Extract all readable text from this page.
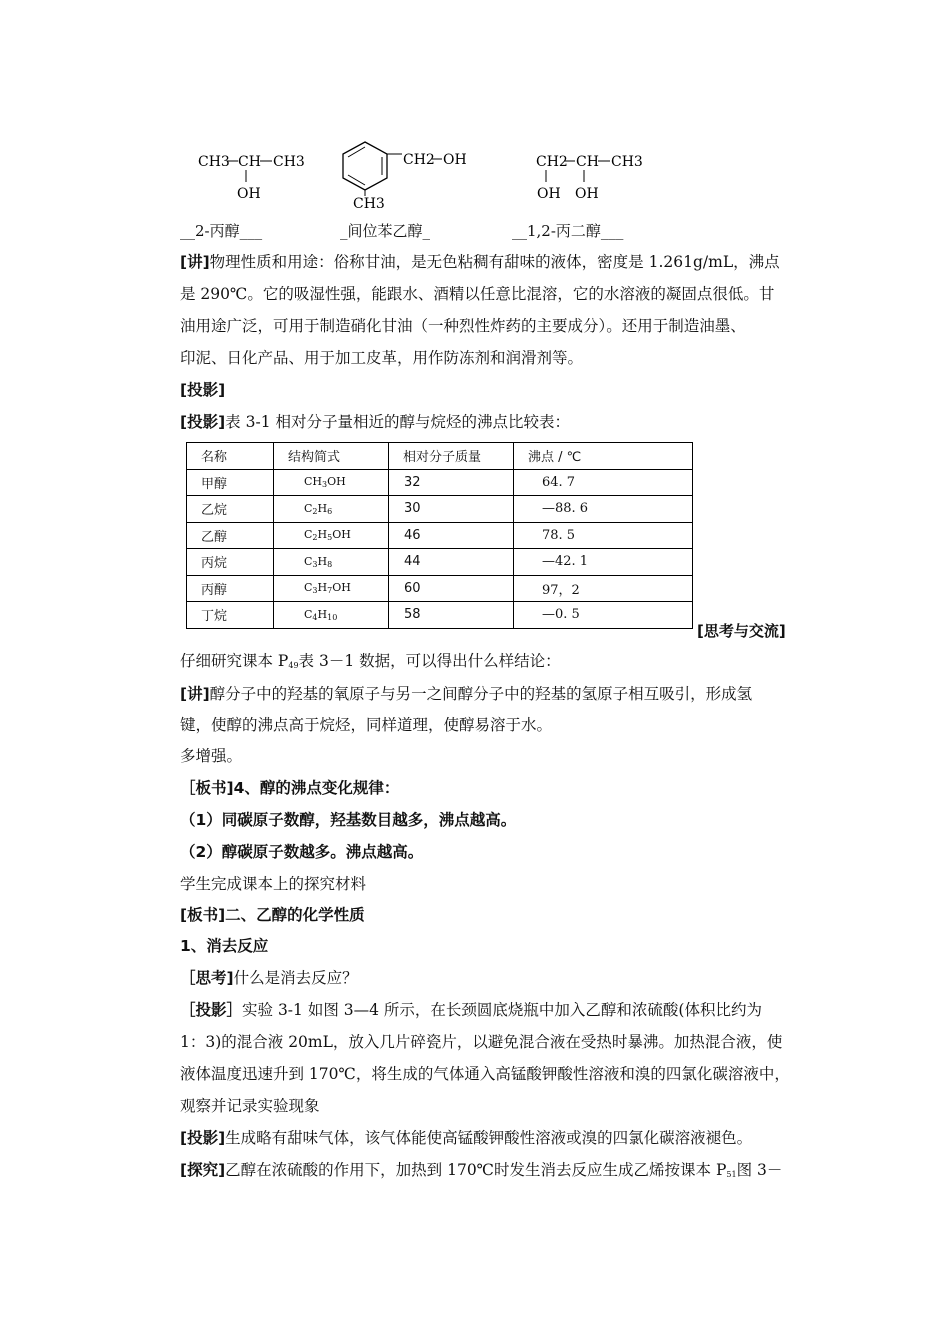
CH3 CH CH3
OH
CH2 OH
CH3
CH2 CH CH3
OH OH
__2-丙醇___	_间位苯乙醇_	__1,2-丙二醇___
[讲]物理性质和用途：俗称甘油，是无色粘稠有甜味的液体，密度是 1.261g/mL，沸点
是 290℃。它的吸湿性强，能跟水、酒精以任意比混溶，它的水溶液的凝固点很低。甘
油用途广泛，可用于制造硝化甘油（一种烈性炸药的主要成分）。还用于制造油墨、
印泥、日化产品、用于加工皮革，用作防冻剂和润滑剂等。
[投影]
[投影]表 3-1 相对分子量相近的醇与烷烃的沸点比较表：
名称	结构简式	相对分子质量	沸点 / ℃
甲醇	$CH_3OH$	32	64. 7
乙烷	$C_2H_6$	30	—88. 6
乙醇	$C_2H_5OH$	46	78. 5
丙烷	$C_3H_8$	44	—42. 1
丙醇	$C_3H_7OH$	60	97，2
丁烷	$C_4H_{10}$	58	—0. 5
[思考与交流]
仔细研究课本 $P_{49}$表 3－1 数据，可以得出什么样结论：
[讲]醇分子中的羟基的氧原子与另一之间醇分子中的羟基的氢原子相互吸引，形成氢
键，使醇的沸点高于烷烃，同样道理，使醇易溶于水。
多增强。
［板书]4、醇的沸点变化规律：
（1）同碳原子数醇，羟基数目越多，沸点越高。
（2）醇碳原子数越多。沸点越高。
学生完成课本上的探究材料
[板书]二、乙醇的化学性质
1、消去反应
［思考]什么是消去反应？
［投影］实验 3-1 如图 3—4 所示，在长颈圆底烧瓶中加入乙醇和浓硫酸(体积比约为
1：3)的混合液 20mL，放入几片碎瓷片，以避免混合液在受热时暴沸。加热混合液，使
液体温度迅速升到 170℃，将生成的气体通入高锰酸钾酸性溶液和溴的四氯化碳溶液中，
观察并记录实验现象
[投影]生成略有甜味气体，该气体能使高锰酸钾酸性溶液或溴的四氯化碳溶液褪色。
[探究]乙醇在浓硫酸的作用下，加热到 170℃时发生消去反应生成乙烯按课本 $P_{51}$图 3－
